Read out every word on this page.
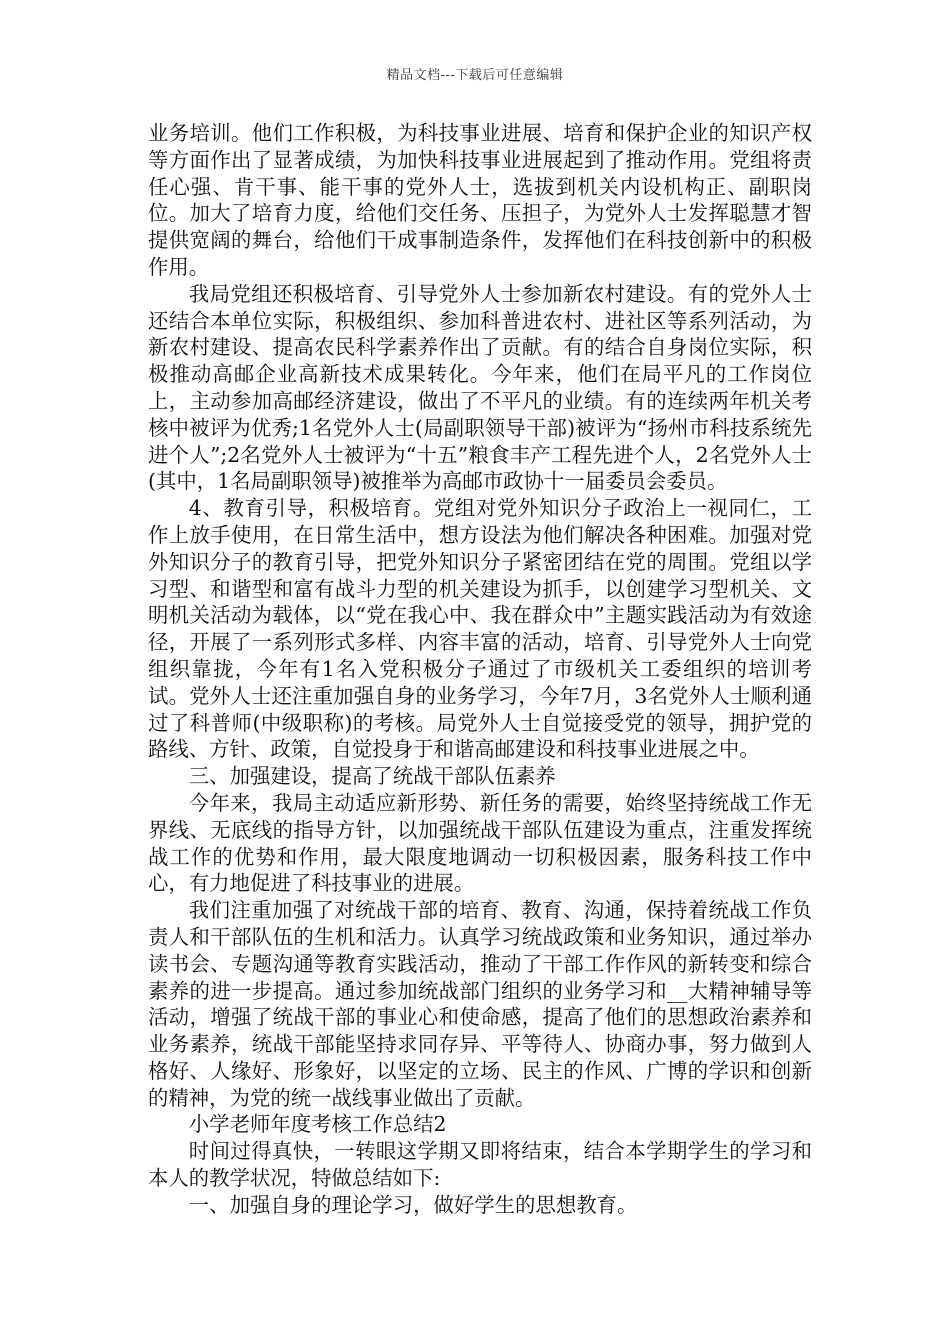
精品文档---下载后可任意编辑

业务培训。他们工作积极，为科技事业进展、培育和保护企业的知识产权等方面作出了显著成绩，为加快科技事业进展起到了推动作用。党组将责任心强、肯干事、能干事的党外人士，选拔到机关内设机构正、副职岗位。加大了培育力度，给他们交任务、压担子，为党外人士发挥聪慧才智提供宽阔的舞台，给他们干成事制造条件，发挥他们在科技创新中的积极作用。

我局党组还积极培育、引导党外人士参加新农村建设。有的党外人士还结合本单位实际，积极组织、参加科普进农村、进社区等系列活动，为新农村建设、提高农民科学素养作出了贡献。有的结合自身岗位实际，积极推动高邮企业高新技术成果转化。今年来，他们在局平凡的工作岗位上，主动参加高邮经济建设，做出了不平凡的业绩。有的连续两年机关考核中被评为优秀;1名党外人士(局副职领导干部)被评为“扬州市科技系统先进个人”;2名党外人士被评为“十五”粮食丰产工程先进个人，2名党外人士(其中，1名局副职领导)被推举为高邮市政协十一届委员会委员。

4、教育引导，积极培育。党组对党外知识分子政治上一视同仁，工作上放手使用，在日常生活中，想方设法为他们解决各种困难。加强对党外知识分子的教育引导，把党外知识分子紧密团结在党的周围。党组以学习型、和谐型和富有战斗力型的机关建设为抓手，以创建学习型机关、文明机关活动为载体，以“党在我心中、我在群众中”主题实践活动为有效途径，开展了一系列形式多样、内容丰富的活动，培育、引导党外人士向党组织靠拢，今年有1名入党积极分子通过了市级机关工委组织的培训考试。党外人士还注重加强自身的业务学习，今年7月，3名党外人士顺利通过了科普师(中级职称)的考核。局党外人士自觉接受党的领导，拥护党的路线、方针、政策，自觉投身于和谐高邮建设和科技事业进展之中。

三、加强建设，提高了统战干部队伍素养

今年来，我局主动适应新形势、新任务的需要，始终坚持统战工作无界线、无底线的指导方针，以加强统战干部队伍建设为重点，注重发挥统战工作的优势和作用，最大限度地调动一切积极因素，服务科技工作中心，有力地促进了科技事业的进展。

我们注重加强了对统战干部的培育、教育、沟通，保持着统战工作负责人和干部队伍的生机和活力。认真学习统战政策和业务知识，通过举办读书会、专题沟通等教育实践活动，推动了干部工作作风的新转变和综合素养的进一步提高。通过参加统战部门组织的业务学习和__大精神辅导等活动，增强了统战干部的事业心和使命感，提高了他们的思想政治素养和业务素养，统战干部能坚持求同存异、平等待人、协商办事，努力做到人格好、人缘好、形象好，以坚定的立场、民主的作风、广博的学识和创新的精神，为党的统一战线事业做出了贡献。

小学老师年度考核工作总结2

时间过得真快，一转眼这学期又即将结束，结合本学期学生的学习和本人的教学状况，特做总结如下:

一、加强自身的理论学习，做好学生的思想教育。
